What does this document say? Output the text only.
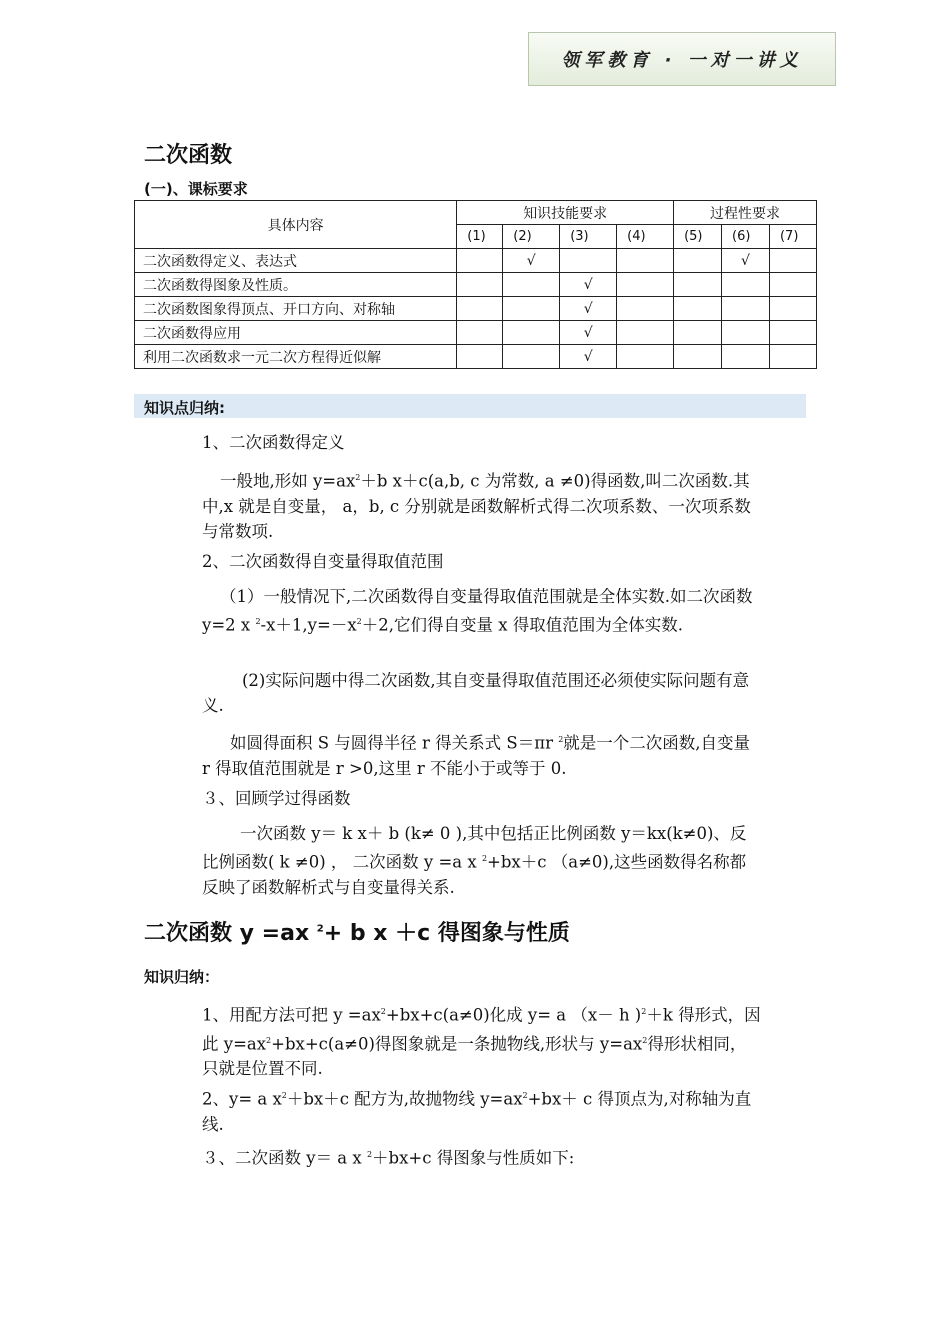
领军教育 · 一对一讲义
二次函数
(一)、课标要求
具体内容	知识技能要求				过程性要求		
	(1)	(2)	(3)	(4)	(5)	(6)	(7)
二次函数得定义、表达式		√				√	
二次函数得图象及性质。			√				
二次函数图象得顶点、开口方向、对称轴			√				
二次函数得应用			√				
利用二次函数求一元二次方程得近似解			√				
知识点归纳:
1、二次函数得定义
一般地,形如 $y=ax^2+b$ x＋c(a,b, c 为常数, a ≠0)得函数,叫二次函数.其中,x 就是自变量， a，b, c 分别就是函数解析式得二次项系数、一次项系数与常数项.
2、二次函数得自变量得取值范围
（1）一般情况下,二次函数得自变量得取值范围就是全体实数.如二次函数 y=2 x $^2-x+1,y=-x^2+2$,它们得自变量 x 得取值范围为全体实数.
(2)实际问题中得二次函数,其自变量得取值范围还必须使实际问题有意义.
如圆得面积 S 与圆得半径 r 得关系式 S＝πr $^2$就是一个二次函数,自变量 r 得取值范围就是 r >0,这里 r 不能小于或等于 0.
３、回顾学过得函数
一次函数 y＝ k x＋ b (k≠ 0 ),其中包括正比例函数 y＝kx(k≠0)、反比例函数( k ≠0) ， 二次函数 y =a x $^2$+bx＋c （a≠0),这些函数得名称都反映了函数解析式与自变量得关系.
二次函数 y =ax $^2$+ b x ＋c 得图象与性质
知识归纳：
1、用配方法可把 $y =ax^2+bx+c(a\ne 0)$化成 y= a （x－ h )$^2$＋k 得形式，因此 $y=ax^2+bx+c(a\ne 0)$得图象就是一条抛物线,形状与 $y=ax^2$得形状相同，只就是位置不同.
2、y= a $x^2+bx+c$ 配方为,故抛物线 $y=ax^2+bx+ c$ 得顶点为,对称轴为直线.
３、二次函数 y＝ a x $^2$＋bx+c 得图象与性质如下:
